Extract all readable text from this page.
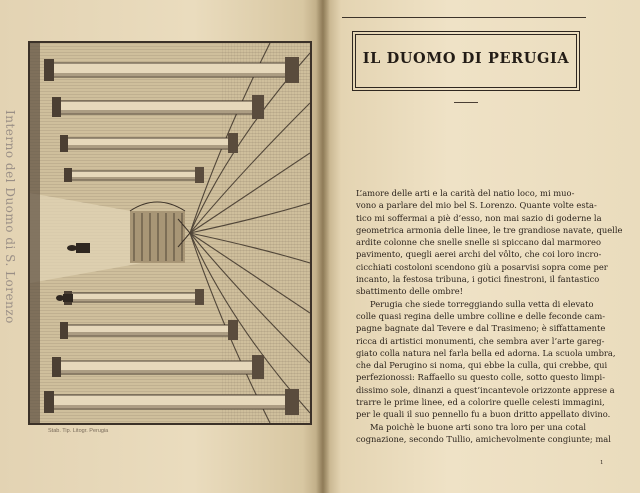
Interno del Duomo di S. Lorenzo
Stab. Tip. Litogr. Perugia
IL DUOMO DI PERUGIA
L’amore delle arti e la carità del natio loco, mi muo-
vono a parlare del mio bel S. Lorenzo. Quante volte esta-
tico mi soffermai a piè d’esso, non mai sazio di goderne la
geometrica armonia delle linee, le tre grandiose navate, quelle
ardite colonne che snelle snelle si spiccano dal marmoreo
pavimento, quegli aerei archi del vôlto, che coi loro incro-
cicchiati costoloni scendono giù a posarvisi sopra come per
incanto, la festosa tribuna, i gotici finestroni, il fantastico
sbattimento delle ombre!
Perugia che siede torreggiando sulla vetta di elevato
colle quasi regina delle umbre colline e delle feconde cam-
pagne bagnate dal Tevere e dal Trasimeno; è siffattamente
ricca di artistici monumenti, che sembra aver l’arte gareg-
giato colla natura nel farla bella ed adorna. La scuola umbra,
che dal Perugino si noma, qui ebbe la culla, qui crebbe, qui
perfezionossi: Raffaello su questo colle, sotto questo limpi-
dissimo sole, dinanzi a quest’incantevole orizzonte apprese a
trarre le prime linee, ed a colorire quelle celesti immagini,
per le quali il suo pennello fu a buon dritto appellato divino.
Ma poichè le buone arti sono tra loro per una cotal
cognazione, secondo Tullio, amichevolmente congiunte; mal
1
